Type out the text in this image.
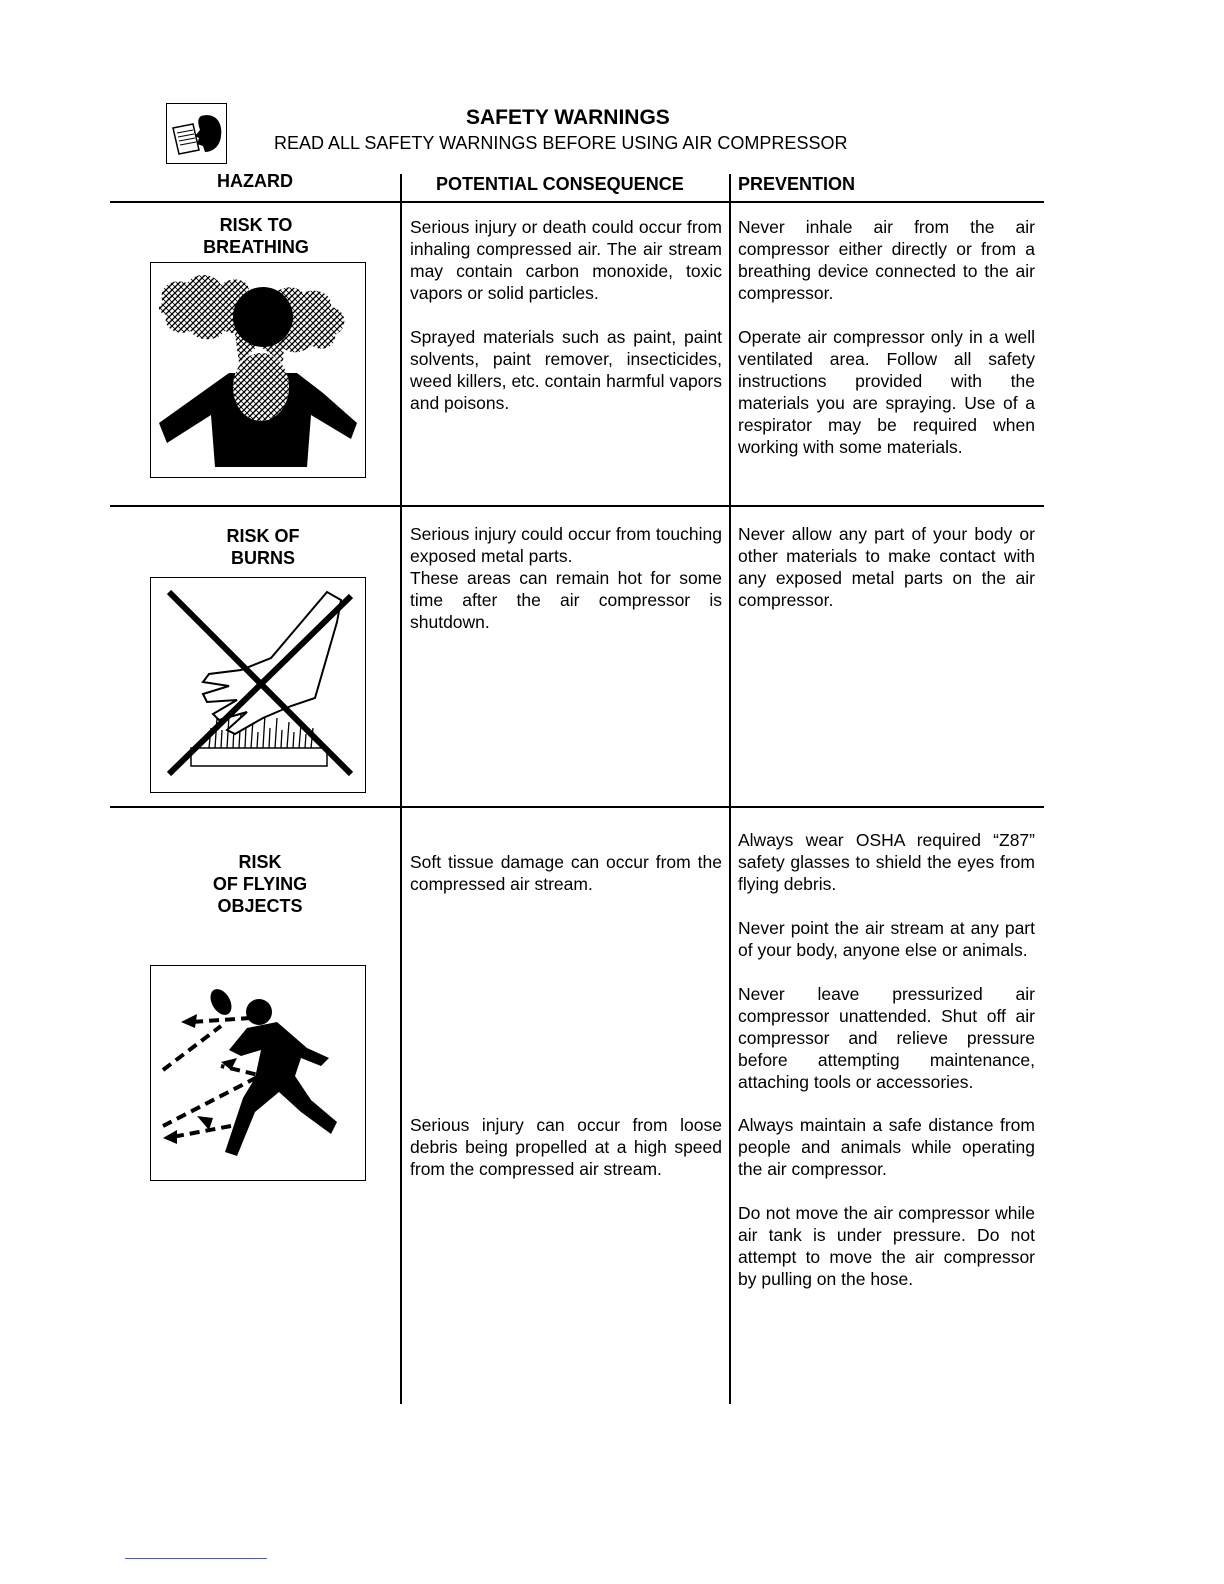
SAFETY WARNINGS
READ ALL SAFETY WARNINGS BEFORE USING AIR COMPRESSOR
HAZARD	POTENTIAL CONSEQUENCE	PREVENTION
RISK TO
BREATHING
Serious injury or death could occur from inhaling compressed air. The air stream may contain carbon monoxide, toxic vapors or solid particles.
Sprayed materials such as paint, paint solvents, paint remover, insecticides, weed killers, etc. contain harmful vapors and poisons.
Never inhale air from the air compressor either directly or from a breathing device connected to the air compressor.
Operate air compressor only in a well ventilated area. Follow all safety instructions provided with the materials you are spraying. Use of a respirator may be required when working with some materials.
RISK OF
BURNS
Serious injury could occur from touching exposed metal parts.
These areas can remain hot for some time after the air compressor is shutdown.
Never allow any part of your body or other materials to make contact with any exposed metal parts on the air compressor.
RISK
OF FLYING
OBJECTS
Soft tissue damage can occur from the compressed air stream.
Serious injury can occur from loose debris being propelled at a high speed from the compressed air stream.
Always wear OSHA required “Z87” safety glasses to shield the eyes from flying debris.
Never point the air stream at any part of your body, anyone else or animals.
Never leave pressurized air compressor unattended. Shut off air compressor and relieve pressure before attempting maintenance, attaching tools or accessories.
Always maintain a safe distance from people and animals while operating the air compressor.
Do not move the air compressor while air tank is under pressure. Do not attempt to move the air compressor by pulling on the hose.
